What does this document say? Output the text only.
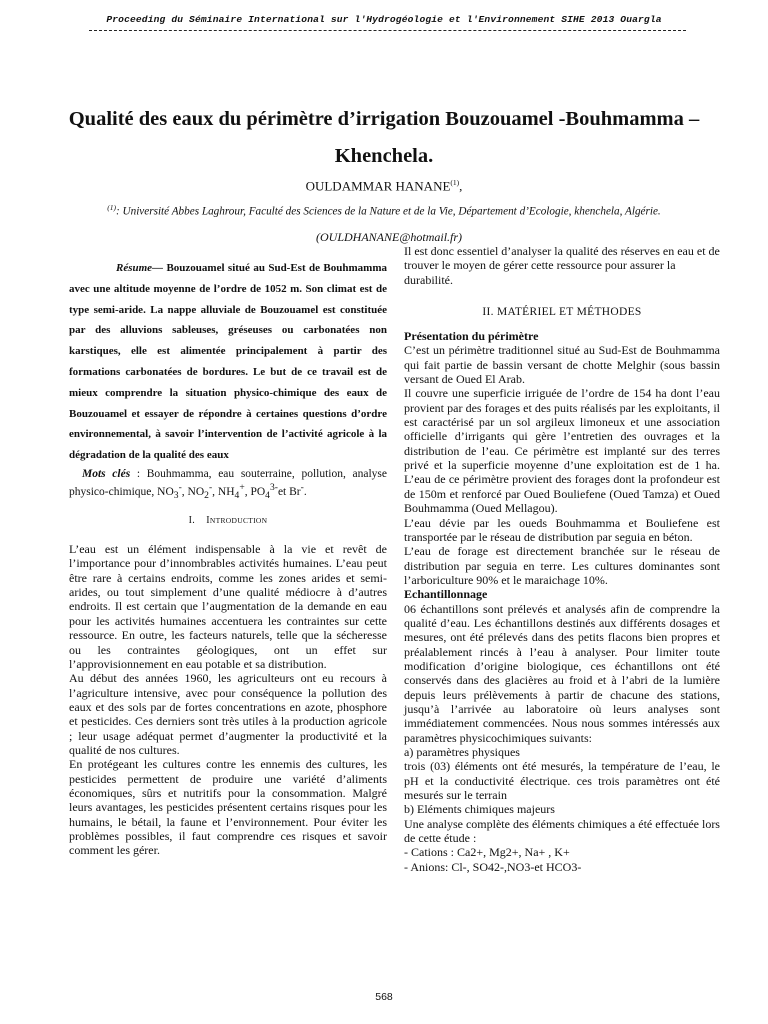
Proceeding du Séminaire International sur l'Hydrogéologie et l'Environnement SIHE 2013 Ouargla
Qualité des eaux du périmètre d’irrigation Bouzouamel -Bouhmamma –
Khenchela.
OULDAMMAR HANANE$^{(1)}$,
$^{(1)}$: Université Abbes Laghrour, Faculté des Sciences de la Nature et de la Vie, Département d’Ecologie, khenchela, Algérie.
(OULDHANANE@hotmail.fr)

Résume— Bouzouamel situé au Sud-Est de Bouhmamma avec une altitude moyenne de l’ordre de 1052 m. Son climat est de type semi-aride. La nappe alluviale de Bouzouamel est constituée par des alluvions sableuses, gréseuses ou carbonatées non karstiques, elle est alimentée principalement à partir des formations carbonatées de bordures. Le but de ce travail est de mieux comprendre la situation physico-chimique des eaux de Bouzouamel et essayer de répondre à certaines questions d’ordre environnemental, à savoir l’intervention de l’activité agricole à la dégradation de la qualité des eaux

Mots clés : Bouhmamma, eau souterraine, pollution, analyse physico-chimique, $NO_3^-$, $NO_2^-$, $NH_4^+$, $PO_4^{3-}et$ Br-.

I. INTRODUCTION

L’eau est un élément indispensable à la vie et revêt de l’importance pour d’innombrables activités humaines. L’eau peut être rare à certains endroits, comme les zones arides et semi-arides, ou tout simplement d’une qualité médiocre à d’autres endroits. Il est certain que l’augmentation de la demande en eau pour les activités humaines accentuera les contraintes sur cette ressource. En outre, les facteurs naturels, telle que la sécheresse ou les contraintes géologiques, ont un effet sur l’approvisionnement en eau potable et sa distribution.

Au début des années 1960, les agriculteurs ont eu recours à l’agriculture intensive, avec pour conséquence la pollution des eaux et des sols par de fortes concentrations en azote, phosphore et pesticides. Ces derniers sont très utiles à la production agricole ; leur usage adéquat permet d’augmenter la productivité et la qualité de nos cultures.

En protégeant les cultures contre les ennemis des cultures, les pesticides permettent de produire une variété d’aliments économiques, sûrs et nutritifs pour la consommation. Malgré leurs avantages, les pesticides présentent certains risques pour les humains, le bétail, la faune et l’environnement. Pour éviter les problèmes possibles, il faut comprendre ces risques et savoir comment les gérer.

Il est donc essentiel d’analyser la qualité des réserves en eau et de trouver le moyen de gérer cette ressource pour assurer la durabilité.

II. MATÉRIEL ET MÉTHODES

Présentation du périmètre

C’est un périmètre traditionnel situé au Sud-Est de Bouhmamma qui fait partie de bassin versant de chotte Melghir (sous bassin versant de Oued El Arab.

Il couvre une superficie irriguée de l’ordre de 154 ha dont l’eau provient par des forages et des puits réalisés par les exploitants, il est caractérisé par un sol argileux limoneux et une association officielle d’irrigants qui gère l’entretien des ouvrages et la distribution de l’eau. Ce périmètre est implanté sur des terres privé et la superficie moyenne d’une exploitation est de 1 ha. L’eau de ce périmètre provient des forages dont la profondeur est de 150m et renforcé par Oued Bouliefene (Oued Tamza) et Oued Bouhmamma (Oued Mellagou).

L’eau dévie par les oueds Bouhmamma et Bouliefene est transportée par le réseau de distribution par seguia en béton.

L’eau de forage est directement branchée sur le réseau de distribution par seguia en terre. Les cultures dominantes sont l’arboriculture 90% et le maraichage 10%.

Echantillonnage

06 échantillons sont prélevés et analysés afin de comprendre la qualité d’eau. Les échantillons destinés aux différents dosages et mesures, ont été prélevés dans des petits flacons bien propres et préalablement rincés à l’eau à analyser. Pour limiter toute modification d’origine biologique, ces échantillons ont été conservés dans des glacières au froid et à l’abri de la lumière depuis leurs prélèvements à partir de chacune des stations, jusqu’à l’arrivée au laboratoire où leurs analyses sont immédiatement commencées. Nous nous sommes intéressés aux paramètres physicochimiques suivants:

a) paramètres physiques

trois (03) éléments ont été mesurés, la température de l’eau, le pH et la conductivité électrique. ces trois paramètres ont été mesurés sur le terrain

b) Eléments chimiques majeurs

Une analyse complète des éléments chimiques a été effectuée lors de cette étude :

- Cations : Ca2+, Mg2+, Na+ , K+

- Anions: Cl-, SO42-,NO3-et HCO3-

568
